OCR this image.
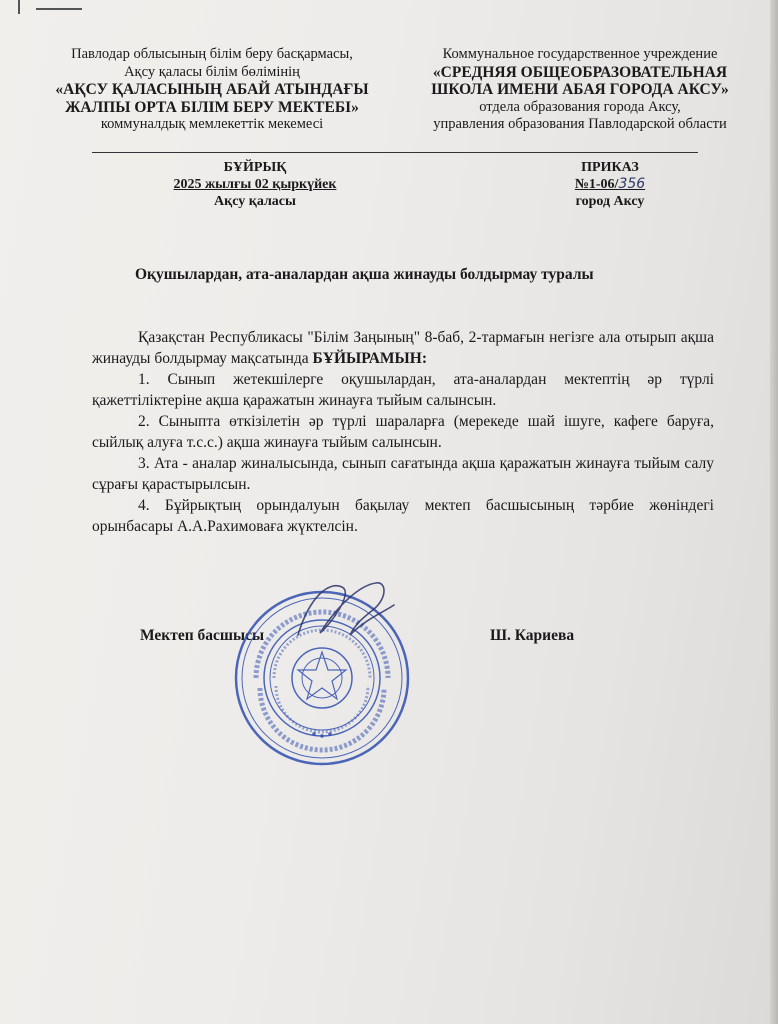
Павлодар облысының білім беру басқармасы,
Ақсу қаласы білім бөлімінің
«АҚСУ ҚАЛАСЫНЫҢ АБАЙ АТЫНДАҒЫ
ЖАЛПЫ ОРТА БІЛІМ БЕРУ МЕКТЕБІ»
коммуналдық мемлекеттік мекемесі
Коммунальное государственное учреждение
«СРЕДНЯЯ ОБЩЕОБРАЗОВАТЕЛЬНАЯ
ШКОЛА ИМЕНИ АБАЯ ГОРОДА АКСУ»
отдела образования города Аксу,
управления образования Павлодарской области
БҰЙРЫҚ
2025 жылғы 02 қыркүйек
Ақсу қаласы
ПРИКАЗ
№1-06/356
город Аксу
Оқушылардан, ата-аналардан ақша жинауды болдырмау туралы

Қазақстан Республикасы "Білім Заңының" 8-баб, 2-тармағын негізге ала отырып ақша жинауды болдырмау мақсатында БҰЙЫРАМЫН:

1. Сынып жетекшілерге оқушылардан, ата-аналардан мектептің әр түрлі қажеттіліктеріне ақша қаражатын жинауға тыйым салынсын.

2. Сыныпта өткізілетін әр түрлі шараларға (мерекеде шай ішуге, кафеге баруға, сыйлық алуға т.с.с.) ақша жинауға тыйым салынсын.

3. Ата - аналар жиналысында, сынып сағатында ақша қаражатын жинауға тыйым салу сұрағы қарастырылсын.

4. Бұйрықтың орындалуын бақылау мектеп басшысының тәрбие жөніндегі орынбасары А.А.Рахимоваға жүктелсін.

Мектеп басшысы	Ш. Кариева
